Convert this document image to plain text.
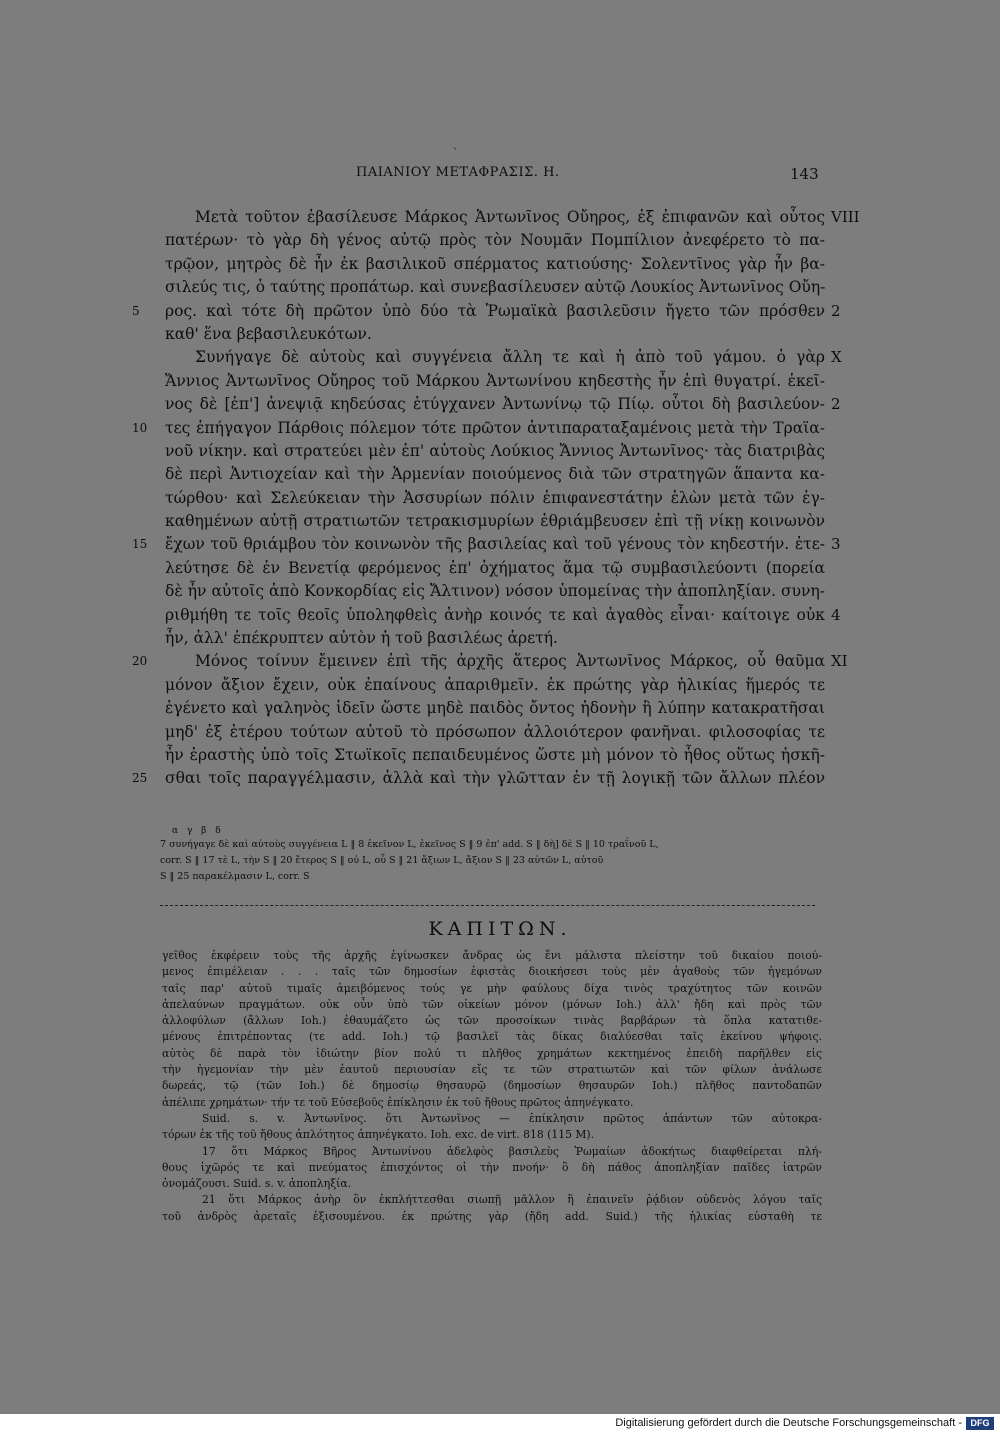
`
ΠΑΙΑΝΙΟΥ ΜΕΤΑΦΡΑΣΙΣ. Η.	143
Μετὰ τοῦτον ἐβασίλευσε Μάρκος Ἀντωνῖνος Οὔηρος, ἐξ ἐπιφανῶν καὶ οὗτος VIII
πατέρων· τὸ γὰρ δὴ γένος αὐτῷ πρὸς τὸν Νουμᾶν Πομπίλιον ἀνεφέρετο τὸ πα-
τρῷον, μητρὸς δὲ ἦν ἐκ βασιλικοῦ σπέρματος κατιούσης· Σολεντῖνος γὰρ ἦν βα-
σιλεύς τις, ὁ ταύτης προπάτωρ. καὶ συνεβασίλευσεν αὐτῷ Λουκίος Ἀντωνῖνος Οὔη-
ρος. καὶ τότε δὴ πρῶτον ὑπὸ δύο τὰ Ῥωμαϊκὰ βασιλεῦσιν ἤγετο τῶν πρόσθεν
5	2
καθ' ἕνα βεβασιλευκότων.
Συνήγαγε δὲ αὐτοὺς καὶ συγγένεια ἄλλη τε καὶ ἡ ἀπὸ τοῦ γάμου. ὁ γὰρ X
Ἄννιος Ἀντωνῖνος Οὔηρος τοῦ Μάρκου Ἀντωνίνου κηδεστὴς ἦν ἐπὶ θυγατρί. ἐκεῖ-
νος δὲ [ἐπ'] ἀνεψιᾷ κηδεύσας ἐτύγχανεν Ἀντωνίνῳ τῷ Πίῳ. οὗτοι δὴ βασιλεύον- 2
τες ἐπήγαγον Πάρθοις πόλεμον τότε πρῶτον ἀντιπαραταξαμένοις μετὰ τὴν Τραϊα-
10
νοῦ νίκην. καὶ στρατεύει μὲν ἐπ' αὐτοὺς Λούκιος Ἄννιος Ἀντωνῖνος· τὰς διατριβὰς
δὲ περὶ Ἀντιοχείαν καὶ τὴν Ἀρμενίαν ποιούμενος διὰ τῶν στρατηγῶν ἅπαντα κα-
τώρθου· καὶ Σελεύκειαν τὴν Ἀσσυρίων πόλιν ἐπιφανεστάτην ἑλὼν μετὰ τῶν ἐγ-
καθημένων αὐτῇ στρατιωτῶν τετρακισμυρίων ἐθριάμβευσεν ἐπὶ τῇ νίκῃ κοινωνὸν
ἔχων τοῦ θριάμβου τὸν κοινωνὸν τῆς βασιλείας καὶ τοῦ γένους τὸν κηδεστήν. ἐτε-
15	3
λεύτησε δὲ ἐν Βενετίᾳ φερόμενος ἐπ' ὀχήματος ἅμα τῷ συμβασιλεύοντι (πορεία
δὲ ἦν αὐτοῖς ἀπὸ Κονκορδίας εἰς Ἄλτινον) νόσον ὑπομείνας τὴν ἀποπληξίαν. συνη-
ριθμήθη τε τοῖς θεοῖς ὑποληφθεὶς ἀνὴρ κοινός τε καὶ ἀγαθὸς εἶναι· καίτοιγε οὐκ 4
ἦν, ἀλλ' ἐπέκρυπτεν αὐτὸν ἡ τοῦ βασιλέως ἀρετή.
Μόνος τοίνυν ἔμεινεν ἐπὶ τῆς ἀρχῆς ἅτερος Ἀντωνῖνος Μάρκος, οὗ θαῦμα
20	XI
μόνον ἄξιον ἔχειν, οὐκ ἐπαίνους ἀπαριθμεῖν. ἐκ πρώτης γὰρ ἡλικίας ἥμερός τε
ἐγένετο καὶ γαληνὸς ἰδεῖν ὥστε μηδὲ παιδὸς ὄντος ἡδονὴν ἢ λύπην κατακρατῆσαι
μηδ' ἐξ ἑτέρου τούτων αὐτοῦ τὸ πρόσωπον ἀλλοιότερον φανῆναι. φιλοσοφίας τε
ἦν ἐραστὴς ὑπὸ τοῖς Στωϊκοῖς πεπαιδευμένος ὥστε μὴ μόνον τὸ ἦθος οὕτως ἠσκῆ-
σθαι τοῖς παραγγέλμασιν, ἀλλὰ καὶ τὴν γλῶτταν ἐν τῇ λογικῇ τῶν ἄλλων πλέον
25
α γ β δ
7 συνήγαγε δὲ καὶ αὐτοὺς συγγένεια L ‖ 8 ἐκεῖνον L, ἐκεῖνος S ‖ 9 ἐπ' add. S ‖ δὴ] δὲ S ‖ 10 τραΐνοῦ L,
corr. S ‖ 17 τὲ L, τὴν S ‖ 20 ἕτερος S ‖ οὐ L, οὗ S ‖ 21 ἄξιων L, ἄξιον S ‖ 23 αὐτῶν L, αὐτοῦ
S ‖ 25 παρακέλμασιν L, corr. S
ΚΑΠΙΤΩΝ.
γεῖθος ἐκφέρειν τοὺς τῆς ἀρχῆς ἐγίνωσκεν ἄνδρας ὡς ἔνι μάλιστα πλείστην τοῦ δικαίου ποιού-
μενος ἐπιμέλειαν . . . ταῖς τῶν δημοσίων ἐφιστὰς διοικήσεσι τοὺς μὲν ἀγαθοὺς τῶν ἡγεμόνων
ταῖς παρ' αὐτοῦ τιμαῖς ἀμειβόμενος τούς γε μὴν φαύλους δίχα τινὸς τραχύτητος τῶν κοινῶν
ἀπελαύνων πραγμάτων. οὐκ οὖν ὑπὸ τῶν οἰκείων μόνον (μόνων Ioh.) ἀλλ' ἤδη καὶ πρὸς τῶν
ἀλλοφύλων (ἄλλων Ioh.) ἐθαυμάζετο ὡς τῶν προσοίκων τινὰς βαρβάρων τὰ ὅπλα κατατιθε-
μένους ἐπιτρέποντας (τε add. Ioh.) τῷ βασιλεῖ τὰς δίκας διαλύεσθαι ταῖς ἐκείνου ψήφοις.
αὐτὸς δὲ παρὰ τὸν ἰδιώτην βίον πολύ τι πλῆθος χρημάτων κεκτημένος ἐπειδὴ παρῆλθεν εἰς
τὴν ἡγεμονίαν τὴν μὲν ἑαυτοῦ περιουσίαν εἴς τε τῶν στρατιωτῶν καὶ τῶν φίλων ἀνάλωσε
δωρεάς, τῷ (τῶν Ioh.) δὲ δημοσίῳ θησαυρῷ (δημοσίων θησαυρῶν Ioh.) πλῆθος παντοδαπῶν
ἀπέλιπε χρημάτων· τήν τε τοῦ Εὐσεβοῦς ἐπίκλησιν ἐκ τοῦ ἤθους πρῶτος ἀπηνέγκατο.
Suid. s. v. Ἀντωνῖνος. ὅτι Ἀντωνῖνος — ἐπίκλησιν πρῶτος ἁπάντων τῶν αὐτοκρα-
τόρων ἐκ τῆς τοῦ ἤθους ἁπλότητος ἀπηνέγκατο. Ioh. exc. de virt. 818 (115 M).
17 ὅτι Μάρκος Βῆρος Ἀντωνίνου ἀδελφὸς βασιλεὺς Ῥωμαίων ἀδοκήτως διαφθείρεται πλή-
θους ἰχῶρός τε καὶ πνεύματος ἐπισχόντος οἱ τὴν πνοήν· ὃ δὴ πάθος ἀποπληξίαν παῖδες ἰατρῶν
ὀνομάζουσι. Suid. s. v. ἀποπληξία.
21 ὅτι Μάρκος ἀνὴρ ὃν ἐκπλήττεσθαι σιωπῇ μᾶλλον ἢ ἐπαινεῖν ῥᾴδιον οὐδενὸς λόγου ταῖς
τοῦ ἀνδρὸς ἀρεταῖς ἐξισουμένου. ἐκ πρώτης γὰρ (ἤδη add. Suid.) τῆς ἡλικίας εὐσταθὴ τε
Digitalisierung gefördert durch die Deutsche Forschungsgemeinschaft - DFG
